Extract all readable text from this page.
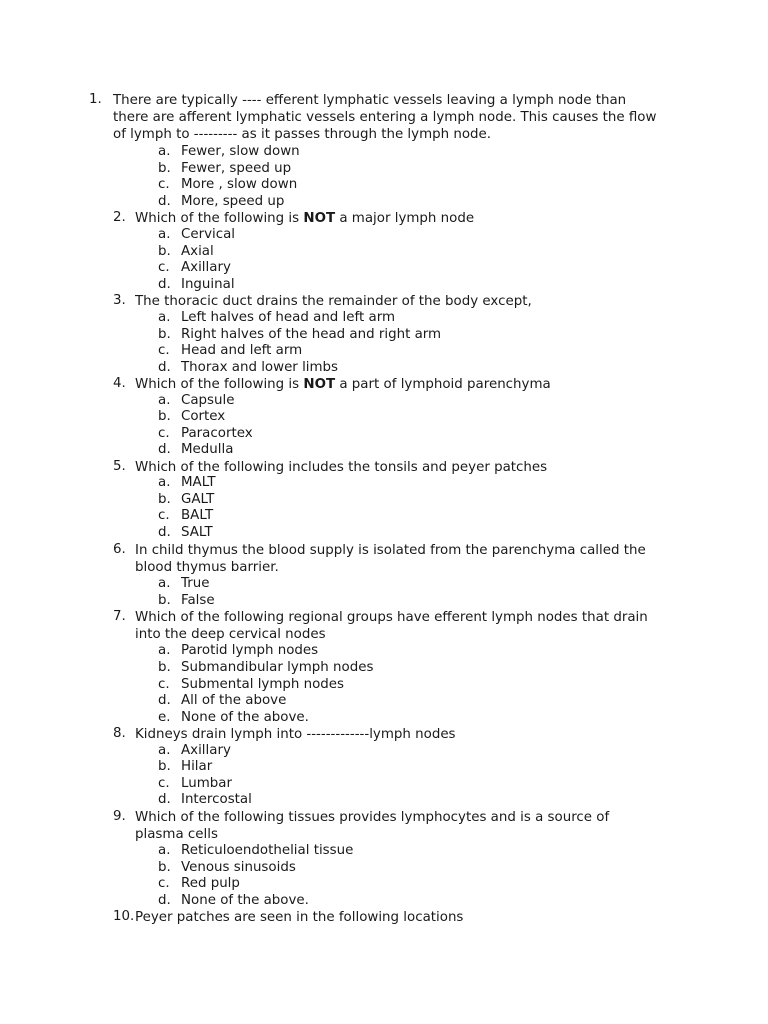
1. There are typically ---- efferent lymphatic vessels leaving a lymph node than
there are afferent lymphatic vessels entering a lymph node. This causes the flow
of lymph to --------- as it passes through the lymph node.
a. Fewer, slow down
b. Fewer, speed up
c. More , slow down
d. More, speed up
2. Which of the following is NOT a major lymph node
a. Cervical
b. Axial
c. Axillary
d. Inguinal
3. The thoracic duct drains the remainder of the body except,
a. Left halves of head and left arm
b. Right halves of the head and right arm
c. Head and left arm
d. Thorax and lower limbs
4. Which of the following is NOT a part of lymphoid parenchyma
a. Capsule
b. Cortex
c. Paracortex
d. Medulla
5. Which of the following includes the tonsils and peyer patches
a. MALT
b. GALT
c. BALT
d. SALT
6. In child thymus the blood supply is isolated from the parenchyma called the
blood thymus barrier.
a. True
b. False
7. Which of the following regional groups have efferent lymph nodes that drain
into the deep cervical nodes
a. Parotid lymph nodes
b. Submandibular lymph nodes
c. Submental lymph nodes
d. All of the above
e. None of the above.
8. Kidneys drain lymph into -------------lymph nodes
a. Axillary
b. Hilar
c. Lumbar
d. Intercostal
9. Which of the following tissues provides lymphocytes and is a source of
plasma cells
a. Reticuloendothelial tissue
b. Venous sinusoids
c. Red pulp
d. None of the above.
10. Peyer patches are seen in the following locations
